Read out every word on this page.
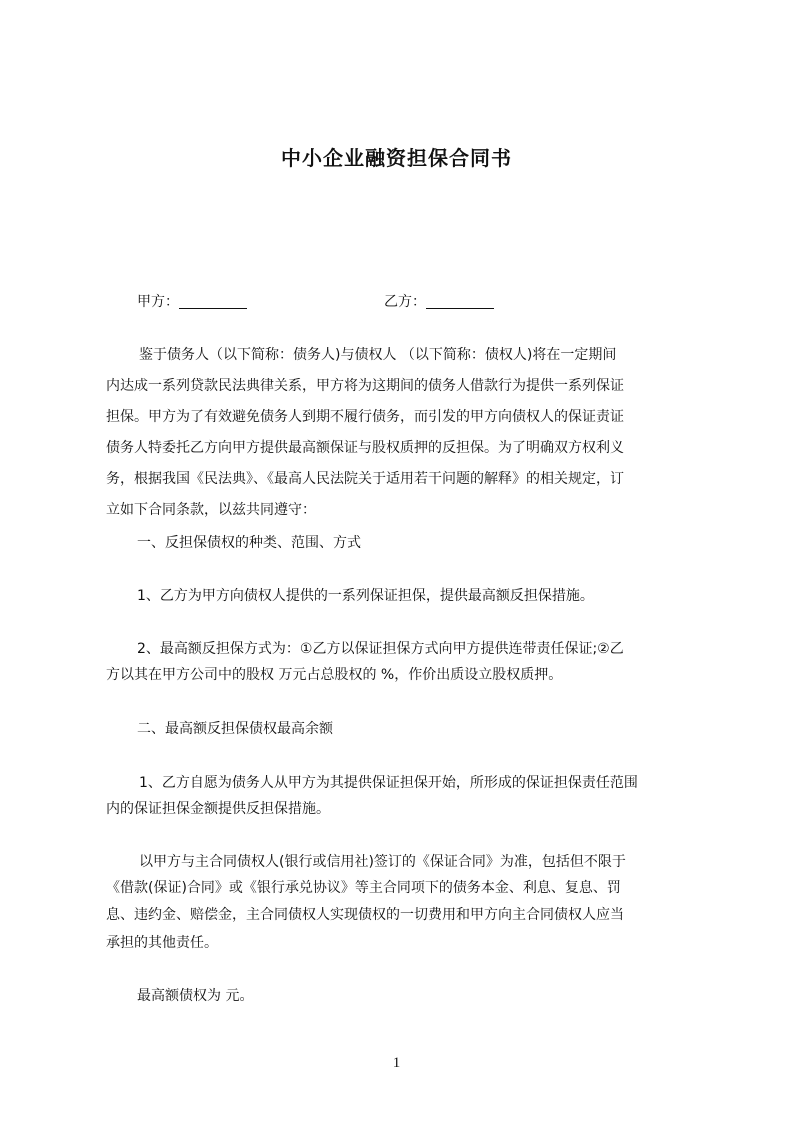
中小企业融资担保合同书
甲方：	乙方：
鉴于债务人（以下简称：债务人)与债权人 （以下简称：债权人)将在一定期间
内达成一系列贷款民法典律关系，甲方将为这期间的债务人借款行为提供一系列保证
担保。甲方为了有效避免债务人到期不履行债务，而引发的甲方向债权人的保证责证
债务人特委托乙方向甲方提供最高额保证与股权质押的反担保。为了明确双方权利义
务，根据我国《民法典》、《最高人民法院关于适用若干问题的解释》的相关规定，订
立如下合同条款，以兹共同遵守：
一、反担保债权的种类、范围、方式
1、乙方为甲方向债权人提供的一系列保证担保，提供最高额反担保措施。
2、最高额反担保方式为：①乙方以保证担保方式向甲方提供连带责任保证;②乙
方以其在甲方公司中的股权 万元占总股权的 %，作价出质设立股权质押。
二、最高额反担保债权最高余额
1、乙方自愿为债务人从甲方为其提供保证担保开始，所形成的保证担保责任范围
内的保证担保金额提供反担保措施。
以甲方与主合同债权人(银行或信用社)签订的《保证合同》为准，包括但不限于
《借款(保证)合同》或《银行承兑协议》等主合同项下的债务本金、利息、复息、罚
息、违约金、赔偿金，主合同债权人实现债权的一切费用和甲方向主合同债权人应当
承担的其他责任。
最高额债权为 元。
1
